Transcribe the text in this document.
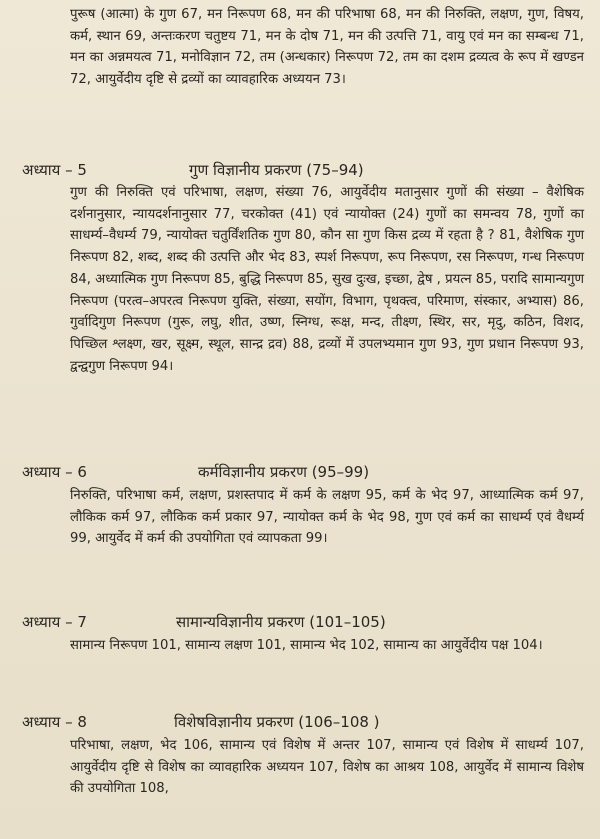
पुरूष (आत्मा) के गुण 67, मन निरूपण 68, मन की परिभाषा 68, मन की निरुक्ति, लक्षण, गुण, विषय, कर्म, स्थान 69, अन्तःकरण चतुष्टय 71, मन के दोष 71, मन की उत्पत्ति 71, वायु एवं मन का सम्बन्ध 71, मन का अन्नमयत्व 71, मनोविज्ञान 72, तम (अन्धकार) निरूपण 72, तम का दशम द्रव्यत्व के रूप में खण्डन 72, आयुर्वेदीय दृष्टि से द्रव्यों का व्यावहारिक अध्ययन 73।

अध्याय – 5	गुण विज्ञानीय प्रकरण (75–94)

गुण की निरुक्ति एवं परिभाषा, लक्षण, संख्या 76, आयुर्वेदीय मतानुसार गुणों की संख्या – वैशेषिक दर्शनानुसार, न्यायदर्शनानुसार 77, चरकोक्त (41) एवं न्यायोक्त (24) गुणों का समन्वय 78, गुणों का साधर्म्य–वैधर्म्य 79, न्यायोक्त चतुर्विंशतिक गुण 80, कौन सा गुण किस द्रव्य में रहता है ? 81, वैशेषिक गुण निरूपण 82, शब्द, शब्द की उत्पत्ति और भेद 83, स्पर्श निरूपण, रूप निरूपण, रस निरूपण, गन्ध निरूपण 84, अध्यात्मिक गुण निरूपण 85, बुद्धि निरूपण 85, सुख दुःख, इच्छा, द्वेष , प्रयत्न 85, परादि सामान्यगुण निरूपण (परत्व–अपरत्व निरूपण युक्ति, संख्या, सयोंग, विभाग, पृथक्त्व, परिमाण, संस्कार, अभ्यास) 86, गुर्वादिगुण निरूपण (गुरू, लघु, शीत, उष्ण, स्निग्ध, रूक्ष, मन्द, तीक्ष्ण, स्थिर, सर, मृदु, कठिन, विशद, पिच्छिल श्लक्ष्ण, खर, सूक्ष्म, स्थूल, सान्द्र द्रव) 88, द्रव्यों में उपलभ्यमान गुण 93, गुण प्रधान निरूपण 93, द्वन्द्वगुण निरूपण 94।

अध्याय – 6	कर्मविज्ञानीय प्रकरण (95–99)

निरुक्ति, परिभाषा कर्म, लक्षण, प्रशस्तपाद में कर्म के लक्षण 95, कर्म के भेद 97, आध्यात्मिक कर्म 97, लौकिक कर्म 97, लौकिक कर्म प्रकार 97, न्यायोक्त कर्म के भेद 98, गुण एवं कर्म का साधर्म्य एवं वैधर्म्य 99, आयुर्वेद में कर्म की उपयोगिता एवं व्यापकता 99।

अध्याय – 7	सामान्यविज्ञानीय प्रकरण (101–105)

सामान्य निरूपण 101, सामान्य लक्षण 101, सामान्य भेद 102, सामान्य का आयुर्वेदीय पक्ष 104।

अध्याय – 8	विशेषविज्ञानीय प्रकरण (106–108 )

परिभाषा, लक्षण, भेद 106, सामान्य एवं विशेष में अन्तर 107, सामान्य एवं विशेष में साधर्म्य 107, आयुर्वेदीय दृष्टि से विशेष का व्यावहारिक अध्ययन 107, विशेष का आश्रय 108, आयुर्वेद में सामान्य विशेष की उपयोगिता 108,
